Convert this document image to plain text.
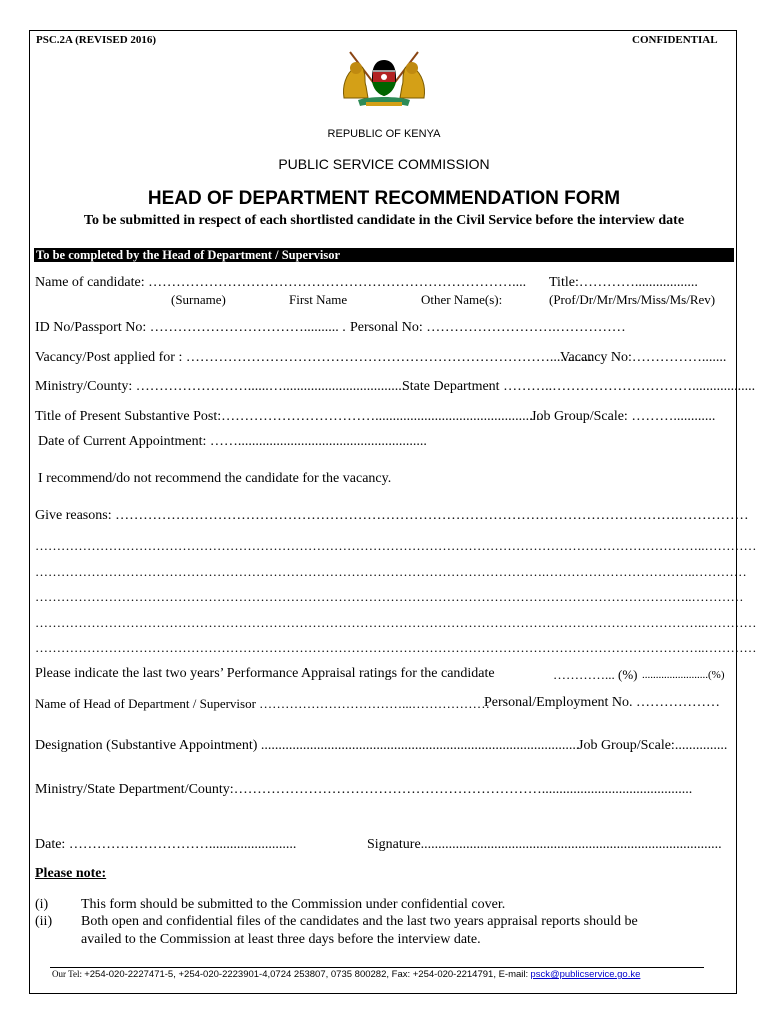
PSC.2A (REVISED 2016)	CONFIDENTIAL
REPUBLIC OF KENYA
PUBLIC SERVICE COMMISSION
HEAD OF DEPARTMENT RECOMMENDATION FORM
To be submitted in respect of each shortlisted candidate in the Civil Service before the interview date
To be completed by the Head of Department / Supervisor
Name of candidate: …………………………………………………………………….... Title:…………..................
(Surname)	First Name	Other Name(s):	(Prof/Dr/Mr/Mrs/Miss/Ms/Rev)
ID No/Passport No: …………………………….......... . Personal No: ……………………….……………
Vacancy/Post applied for : ……………………………………………………………………............
Vacancy No:…………….......
Ministry/County: ……………………......…...................................
State Department ………..…………………………..................
Title of Present Substantive Post:……………………………................................................
Job Group/Scale: ………............
Date of Current Appointment: ……......................................................
I recommend/do not recommend the candidate for the vacancy.
Give reasons: ………………………………………………………………………………………………………….……………
………………………………………………………………………………………………………………………………………..…………
……………………………………………………………………………………………………….……………………………..…………
……………………………………………………………………………………………………………………………………..…………
………………………………………………………………………………………………………………………………………..…………
………………………………………………………………………………………………………………………………………..…………
Please indicate the last two years’ Performance Appraisal ratings for the candidate	…………... (%) ........................(%)
Name of Head of Department / Supervisor ……………………………...………………
Personal/Employment No. ………………
Designation (Substantive Appointment) ...........................................................................................
Job Group/Scale:...............
Ministry/State Department/County:…………………………………………………………...........................................
Date: ………………………….........................	Signature......................................................................................
Please note:
(i) This form should be submitted to the Commission under confidential cover.
(ii) Both open and confidential files of the candidates and the last two years appraisal reports should be
availed to the Commission at least three days before the interview date.
Our Tel: +254-020-2227471-5, +254-020-2223901-4,0724 253807, 0735 800282, Fax: +254-020-2214791, E-mail: psck@publicservice.go.ke
